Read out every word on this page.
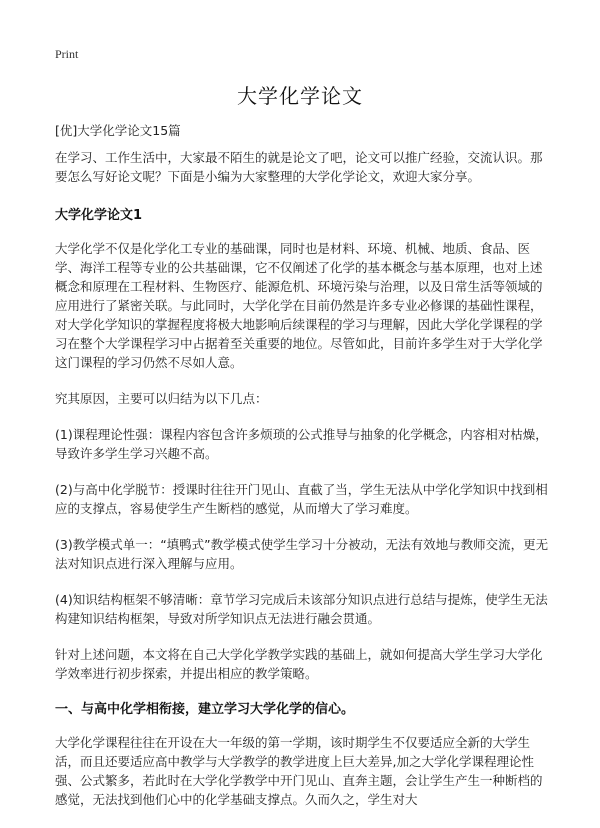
Print
大学化学论文

[优]大学化学论文15篇

在学习、工作生活中，大家最不陌生的就是论文了吧，论文可以推广经验，交流认识。那要怎么写好论文呢？下面是小编为大家整理的大学化学论文，欢迎大家分享。

大学化学论文1

大学化学不仅是化学化工专业的基础课，同时也是材料、环境、机械、地质、食品、医学、海洋工程等专业的公共基础课，它不仅阐述了化学的基本概念与基本原理，也对上述概念和原理在工程材料、生物医疗、能源危机、环境污染与治理，以及日常生活等领域的应用进行了紧密关联。与此同时，大学化学在目前仍然是许多专业必修课的基础性课程，对大学化学知识的掌握程度将极大地影响后续课程的学习与理解，因此大学化学课程的学习在整个大学课程学习中占据着至关重要的地位。尽管如此，目前许多学生对于大学化学这门课程的学习仍然不尽如人意。

究其原因，主要可以归结为以下几点：

(1)课程理论性强：课程内容包含许多烦琐的公式推导与抽象的化学概念，内容相对枯燥，导致许多学生学习兴趣不高。

(2)与高中化学脱节：授课时往往开门见山、直截了当，学生无法从中学化学知识中找到相应的支撑点，容易使学生产生断档的感觉，从而增大了学习难度。

(3)教学模式单一：“填鸭式”教学模式使学生学习十分被动，无法有效地与教师交流，更无法对知识点进行深入理解与应用。

(4)知识结构框架不够清晰：章节学习完成后未该部分知识点进行总结与提炼，使学生无法构建知识结构框架，导致对所学知识点无法进行融会贯通。

针对上述问题，本文将在自己大学化学教学实践的基础上，就如何提高大学生学习大学化学效率进行初步探索，并提出相应的教学策略。

一、与高中化学相衔接，建立学习大学化学的信心。

大学化学课程往往在开设在大一年级的第一学期，该时期学生不仅要适应全新的大学生活，而且还要适应高中教学与大学教学的教学进度上巨大差异,加之大学化学课程理论性强、公式繁多，若此时在大学化学教学中开门见山、直奔主题，会让学生产生一种断档的感觉，无法找到他们心中的化学基础支撑点。久而久之，学生对大
